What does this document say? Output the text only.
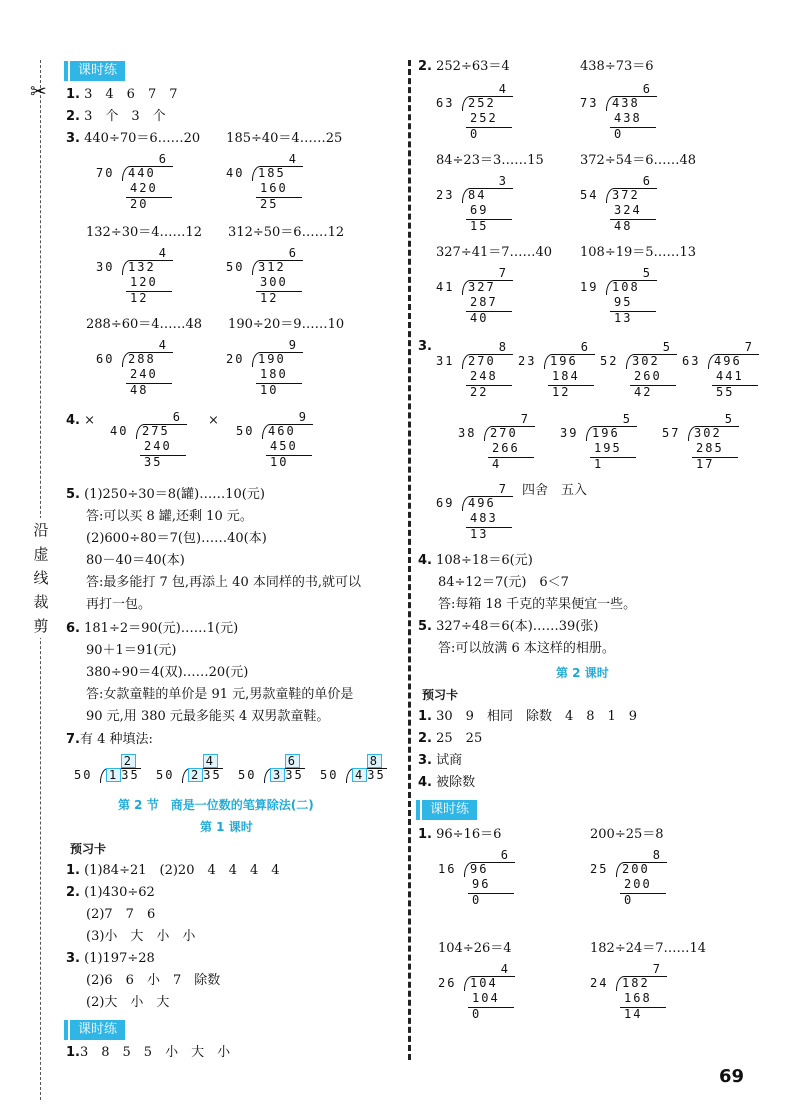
✂
沿
虚
线
裁
剪
课时练
1. 3　4　6　7　7
2. 3　个　3　个
3. 440÷70＝6……20　　185÷40＝4……25
6
70 440
420
20
4
40 185
160
25
132÷30＝4……12　　312÷50＝6……12
4
30 132
120
12
6
50 312
300
12
288÷60＝4……48　　190÷20＝9……10
4
60 288
240
48
9
20 190
180
10
4. ×	6
40 275
240
35
×	9
50 460
450
10
5. (1)250÷30＝8(罐)……10(元)
答:可以买 8 罐,还剩 10 元。
(2)600÷80＝7(包)……40(本)
80－40＝40(本)
答:最多能打 7 包,再添上 40 本同样的书,就可以
再打一包。
6. 181÷2＝90(元)……1(元)
90＋1＝91(元)
380÷90＝4(双)……20(元)
答:女款童鞋的单价是 91 元,男款童鞋的单价是
90 元,用 380 元最多能买 4 双男款童鞋。
7.有 4 种填法:
2
50 1 35
4
50 2 35
6
50 3 35
8
50 4 35
第 2 节　商是一位数的笔算除法(二)
第 1 课时
预习卡
1. (1)84÷21　(2)20　4　4　4　4
2. (1)430÷62
(2)7　7　6
(3)小　大　小　小
3. (1)197÷28
(2)6　6　小　7　除数
(2)大　小　大
课时练
1.3　8　5　5　小　大　小
2. 252÷63＝4	438÷73＝6
4
63 252
252
0
6
73 438
438
0
84÷23＝3……15	372÷54＝6……48
3
23 84
69
15
6
54 372
324
48
327÷41＝7……40 108÷19＝5……13
7
41 327
287
40
5
19 108
95
13
3.	8
31 270
248
22
6
23 196
184
12
5
52 302
260
42
7
63 496
441
55
7
38 270
266
4
5
39 196
195
1
5
57 302
285
17
7
69 496
483
13
四舍　五入
4. 108÷18＝6(元)
84÷12＝7(元)　6＜7
答:每箱 18 千克的苹果便宜一些。
5. 327÷48＝6(本)……39(张)
答:可以放满 6 本这样的相册。
第 2 课时
预习卡
1. 30　9　相同　除数　4　8　1　9
2. 25　25
3. 试商
4. 被除数
课时练
1. 96÷16＝6	200÷25＝8
6
16 96
96
0
8
25 200
200
0
104÷26＝4	182÷24＝7……14
4
26 104
104
0
7
24 182
168
14
69
